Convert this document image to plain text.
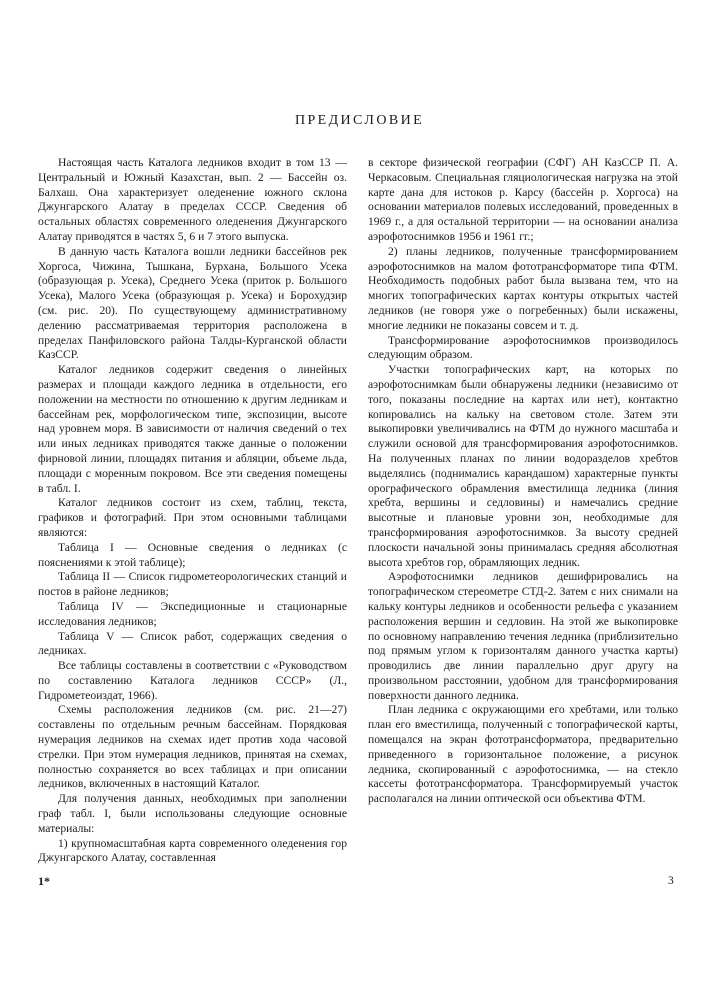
ПРЕДИСЛОВИЕ

Настоящая часть Каталога ледников входит в том 13 — Центральный и Южный Казахстан, вып. 2 — Бассейн оз. Балхаш. Она характеризует оледенение южного склона Джунгарского Алатау в пределах СССР. Сведения об остальных областях современного оледенения Джунгарского Алатау приводятся в частях 5, 6 и 7 этого выпуска.

В данную часть Каталога вошли ледники бассейнов рек Хоргоса, Чижина, Тышкана, Бурхана, Большого Усека (образующая р. Усека), Среднего Усека (приток р. Большого Усека), Малого Усека (образующая р. Усека) и Борохудзир (см. рис. 20). По существующему административному делению рассматриваемая территория расположена в пределах Панфиловского района Талды-Курганской области КазССР.

Каталог ледников содержит сведения о линейных размерах и площади каждого ледника в отдельности, его положении на местности по отношению к другим ледникам и бассейнам рек, морфологическом типе, экспозиции, высоте над уровнем моря. В зависимости от наличия сведений о тех или иных ледниках приводятся также данные о положении фирновой линии, площадях питания и абляции, объеме льда, площади с моренным покровом. Все эти сведения помещены в табл. I.

Каталог ледников состоит из схем, таблиц, текста, графиков и фотографий. При этом основными таблицами являются:

Таблица I — Основные сведения о ледниках (с пояснениями к этой таблице);

Таблица II — Список гидрометеорологических станций и постов в районе ледников;

Таблица IV — Экспедиционные и стационарные исследования ледников;

Таблица V — Список работ, содержащих сведения о ледниках.

Все таблицы составлены в соответствии с «Руководством по составлению Каталога ледников СССР» (Л., Гидрометеоиздат, 1966).

Схемы расположения ледников (см. рис. 21—27) составлены по отдельным речным бассейнам. Порядковая нумерация ледников на схемах идет против хода часовой стрелки. При этом нумерация ледников, принятая на схемах, полностью сохраняется во всех таблицах и при описании ледников, включенных в настоящий Каталог.

Для получения данных, необходимых при заполнении граф табл. I, были использованы следующие основные материалы:

1) крупномасштабная карта современного оледенения гор Джунгарского Алатау, составленная

в секторе физической географии (СФГ) АН КазССР П. А. Черкасовым. Специальная гляциологическая нагрузка на этой карте дана для истоков р. Карсу (бассейн р. Хоргоса) на основании материалов полевых исследований, проведенных в 1969 г., а для остальной территории — на основании анализа аэрофотоснимков 1956 и 1961 гг.;

2) планы ледников, полученные трансформированием аэрофотоснимков на малом фототрансформаторе типа ФТМ. Необходимость подобных работ была вызвана тем, что на многих топографических картах контуры открытых частей ледников (не говоря уже о погребенных) были искажены, многие ледники не показаны совсем и т. д.

Трансформирование аэрофотоснимков производилось следующим образом.

Участки топографических карт, на которых по аэрофотоснимкам были обнаружены ледники (независимо от того, показаны последние на картах или нет), контактно копировались на кальку на световом столе. Затем эти выкопировки увеличивались на ФТМ до нужного масштаба и служили основой для трансформирования аэрофотоснимков. На полученных планах по линии водоразделов хребтов выделялись (поднимались карандашом) характерные пункты орографического обрамления вместилища ледника (линия хребта, вершины и седловины) и намечались средние высотные и плановые уровни зон, необходимые для трансформирования аэрофотоснимков. За высоту средней плоскости начальной зоны принималась средняя абсолютная высота хребтов гор, обрамляющих ледник.

Аэрофотоснимки ледников дешифрировались на топографическом стереометре СТД-2. Затем с них снимали на кальку контуры ледников и особенности рельефа с указанием расположения вершин и седловин. На этой же выкопировке по основному направлению течения ледника (приблизительно под прямым углом к горизонталям данного участка карты) проводились две линии параллельно друг другу на произвольном расстоянии, удобном для трансформирования поверхности данного ледника.

План ледника с окружающими его хребтами, или только план его вместилища, полученный с топографической карты, помещался на экран фототрансформатора, предварительно приведенного в горизонтальное положение, а рисунок ледника, скопированный с аэрофотоснимка, — на стекло кассеты фототрансформатора. Трансформируемый участок располагался на линии оптической оси объектива ФТМ.

1*	3
